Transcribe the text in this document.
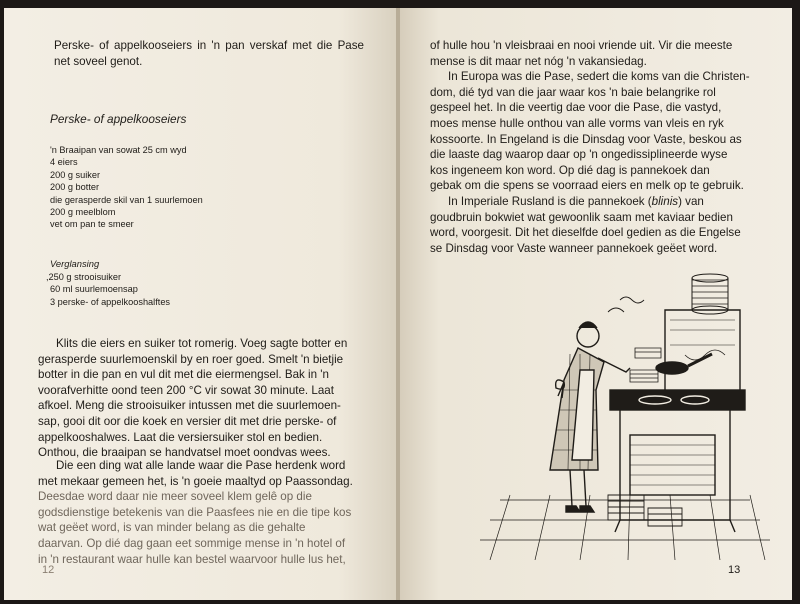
Perske- of appelkooseiers in 'n pan verskaf met die Pase net soveel genot.
Perske- of appelkooseiers
'n Braaipan van sowat 25 cm wyd
4 eiers
200 g suiker
200 g botter
die gerasperde skil van 1 suurlemoen
200 g meelblom
vet om pan te smeer
Verglansing
,250 g strooisuiker
60 ml suurlemoensap
3 perske- of appelkooshalftes
Klits die eiers en suiker tot romerig. Voeg sagte botter en
gerasperde suurlemoenskil by en roer goed. Smelt 'n bietjie
botter in die pan en vul dit met die eiermengsel. Bak in 'n
voorafverhitte oond teen 200 °C vir sowat 30 minute. Laat
afkoel. Meng die strooisuiker intussen met die suurlemoen-
sap, gooi dit oor die koek en versier dit met drie perske- of
appelkooshalwes. Laat die versiersuiker stol en bedien.
Onthou, die braaipan se handvatsel moet oondvas wees.
Die een ding wat alle lande waar die Pase herdenk word
met mekaar gemeen het, is 'n goeie maaltyd op Paassondag.
Deesdae word daar nie meer soveel klem gelê op die
godsdienstige betekenis van die Paasfees nie en die tipe kos
wat geëet word, is van minder belang as die gehalte
daarvan. Op dié dag gaan eet sommige mense in 'n hotel of
in 'n restaurant waar hulle kan bestel waarvoor hulle lus het,
12
of hulle hou 'n vleisbraai en nooi vriende uit. Vir die meeste
mense is dit maar net nóg 'n vakansiedag.
In Europa was die Pase, sedert die koms van die Christen-
dom, dié tyd van die jaar waar kos 'n baie belangrike rol
gespeel het. In die veertig dae voor die Pase, die vastyd,
moes mense hulle onthou van alle vorms van vleis en ryk
kossoorte. In Engeland is die Dinsdag voor Vaste, beskou as
die laaste dag waarop daar op 'n ongedissiplineerde wyse
kos ingeneem kon word. Op dié dag is pannekoek dan
gebak om die spens se voorraad eiers en melk op te gebruik.
In Imperiale Rusland is die pannekoek (blinis) van
goudbruin bokwiet wat gewoonlik saam met kaviaar bedien
word, voorgesit. Dit het dieselfde doel gedien as die Engelse
se Dinsdag voor Vaste wanneer pannekoek geëet word.
13
